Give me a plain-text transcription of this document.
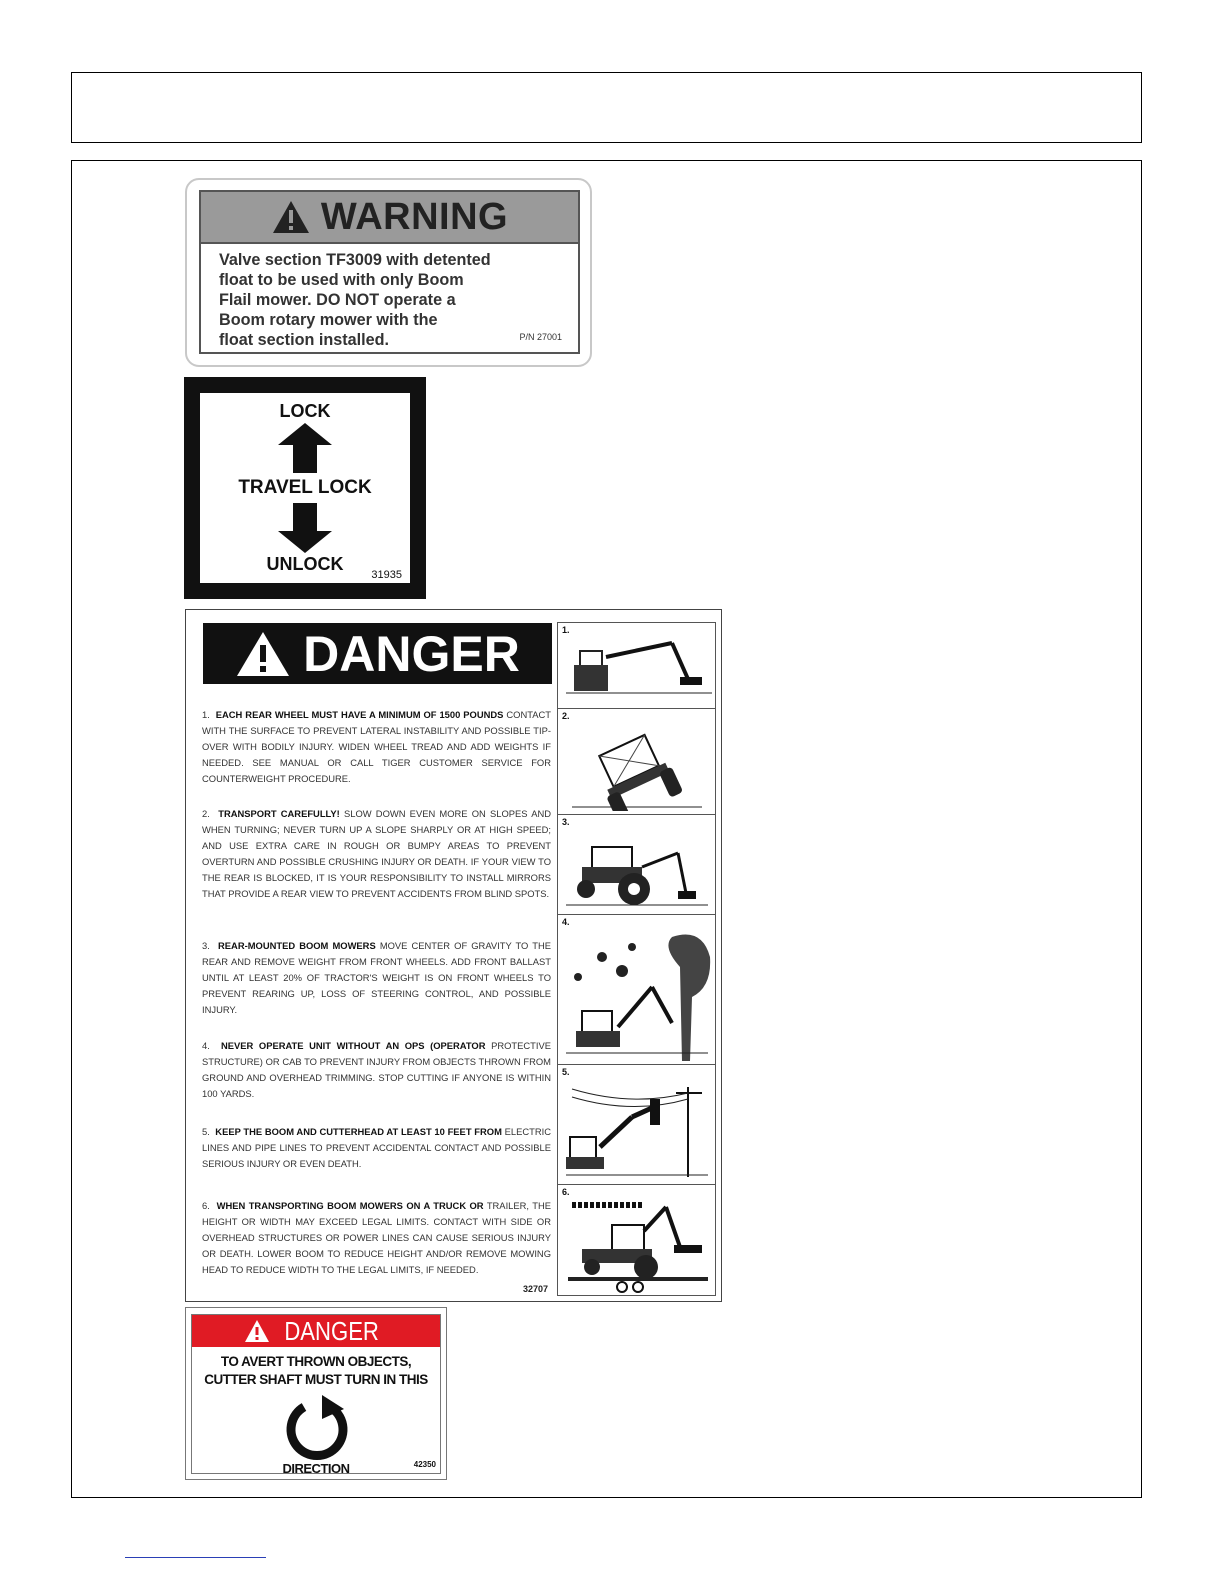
WARNING
Valve section TF3009 with detented
float to be used with only Boom
Flail mower. DO NOT operate a
Boom rotary mower with the
float section installed.	P/N 27001
LOCK
TRAVEL LOCK
UNLOCK
31935
DANGER
1. EACH REAR WHEEL MUST HAVE A MINIMUM OF 1500 POUNDS CONTACT WITH THE SURFACE TO PREVENT LATERAL INSTABILITY AND POSSIBLE TIP-OVER WITH BODILY INJURY. WIDEN WHEEL TREAD AND ADD WEIGHTS IF NEEDED. SEE MANUAL OR CALL TIGER CUSTOMER SERVICE FOR COUNTERWEIGHT PROCEDURE.
2. TRANSPORT CAREFULLY! SLOW DOWN EVEN MORE ON SLOPES AND WHEN TURNING; NEVER TURN UP A SLOPE SHARPLY OR AT HIGH SPEED; AND USE EXTRA CARE IN ROUGH OR BUMPY AREAS TO PREVENT OVERTURN AND POSSIBLE CRUSHING INJURY OR DEATH. IF YOUR VIEW TO THE REAR IS BLOCKED, IT IS YOUR RESPONSIBILITY TO INSTALL MIRRORS THAT PROVIDE A REAR VIEW TO PREVENT ACCIDENTS FROM BLIND SPOTS.
3. REAR-MOUNTED BOOM MOWERS MOVE CENTER OF GRAVITY TO THE REAR AND REMOVE WEIGHT FROM FRONT WHEELS. ADD FRONT BALLAST UNTIL AT LEAST 20% OF TRACTOR'S WEIGHT IS ON FRONT WHEELS TO PREVENT REARING UP, LOSS OF STEERING CONTROL, AND POSSIBLE INJURY.
4. NEVER OPERATE UNIT WITHOUT AN OPS (OPERATOR PROTECTIVE STRUCTURE) OR CAB TO PREVENT INJURY FROM OBJECTS THROWN FROM GROUND AND OVERHEAD TRIMMING. STOP CUTTING IF ANYONE IS WITHIN 100 YARDS.
5. KEEP THE BOOM AND CUTTERHEAD AT LEAST 10 FEET FROM ELECTRIC LINES AND PIPE LINES TO PREVENT ACCIDENTAL CONTACT AND POSSIBLE SERIOUS INJURY OR EVEN DEATH.
6. WHEN TRANSPORTING BOOM MOWERS ON A TRUCK OR TRAILER, THE HEIGHT OR WIDTH MAY EXCEED LEGAL LIMITS. CONTACT WITH SIDE OR OVERHEAD STRUCTURES OR POWER LINES CAN CAUSE SERIOUS INJURY OR DEATH. LOWER BOOM TO REDUCE HEIGHT AND/OR REMOVE MOWING HEAD TO REDUCE WIDTH TO THE LEGAL LIMITS, IF NEEDED.
32707
1.
2.
3.
4.
5.
6.
DANGER
TO AVERT THROWN OBJECTS,
CUTTER SHAFT MUST TURN IN THIS
DIRECTION	42350
